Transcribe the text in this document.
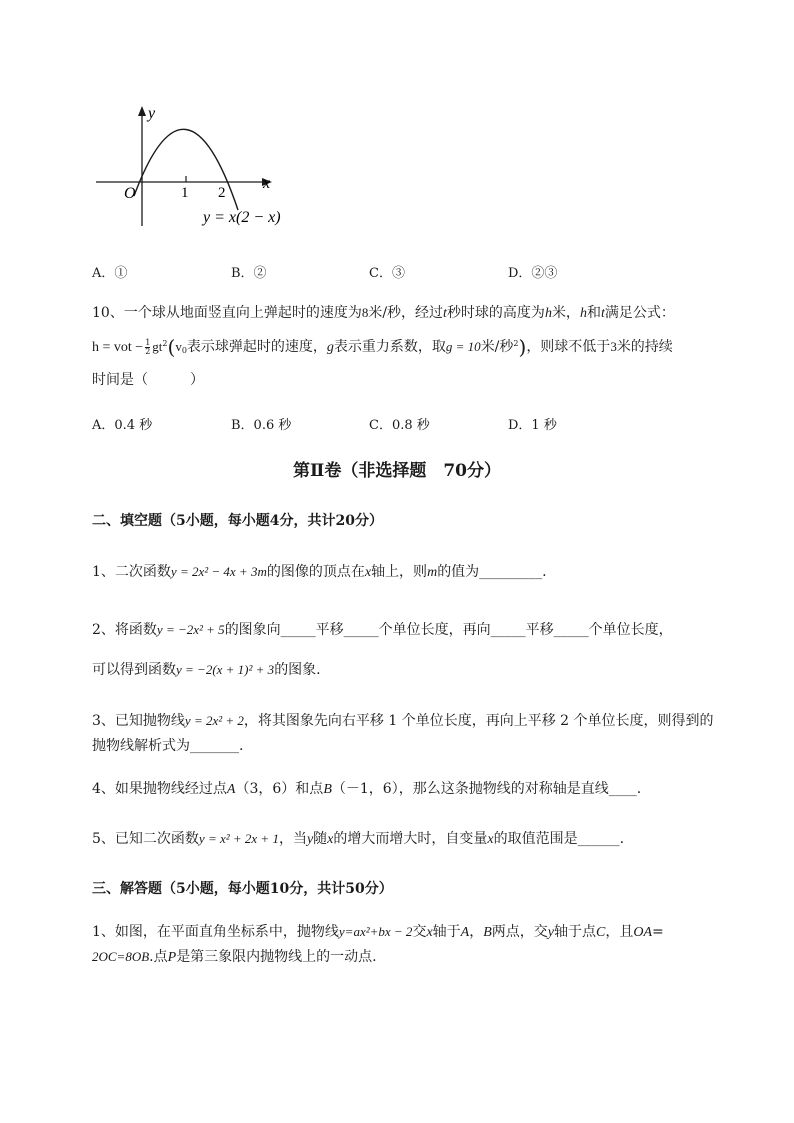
y
x
O	1 2
y = x(2 − x)
A．①	B．②	C．③	D．②③
10、一个球从地面竖直向上弹起时的速度为8米/秒，经过t秒时球的高度为h米，h和t满足公式：
h = vot − $\frac{1}{2} gt^2(v_0$表示球弹起时的速度，g表示重力系数，取g = 10米/秒$^2$)，则球不低于3米的持续
时间是（　　　）
A．0.4 秒	B．0.6 秒	C．0.8 秒	D．1 秒
第Ⅱ卷（非选择题　70分）
二、填空题（5小题，每小题4分，共计20分）
1、二次函数y = 2x² − 4x + 3m的图像的顶点在x轴上，则m的值为_________.
2、将函数y = −2x² + 5的图象向_____平移_____个单位长度，再向_____平移_____个单位长度，
可以得到函数y = −2(x + 1)² + 3的图象.
3、已知抛物线y = 2x² + 2，将其图象先向右平移 1 个单位长度，再向上平移 2 个单位长度，则得到的
抛物线解析式为_______.
4、如果抛物线经过点A（3，6）和点B（－1，6），那么这条抛物线的对称轴是直线____.
5、已知二次函数y = x² + 2x + 1，当y随x的增大而增大时，自变量x的取值范围是______.
三、解答题（5小题，每小题10分，共计50分）
1、如图，在平面直角坐标系中，抛物线y=ax²+bx − 2交x轴于A，B两点，交y轴于点C，且OA=
2OC=8OB.点P是第三象限内抛物线上的一动点.
